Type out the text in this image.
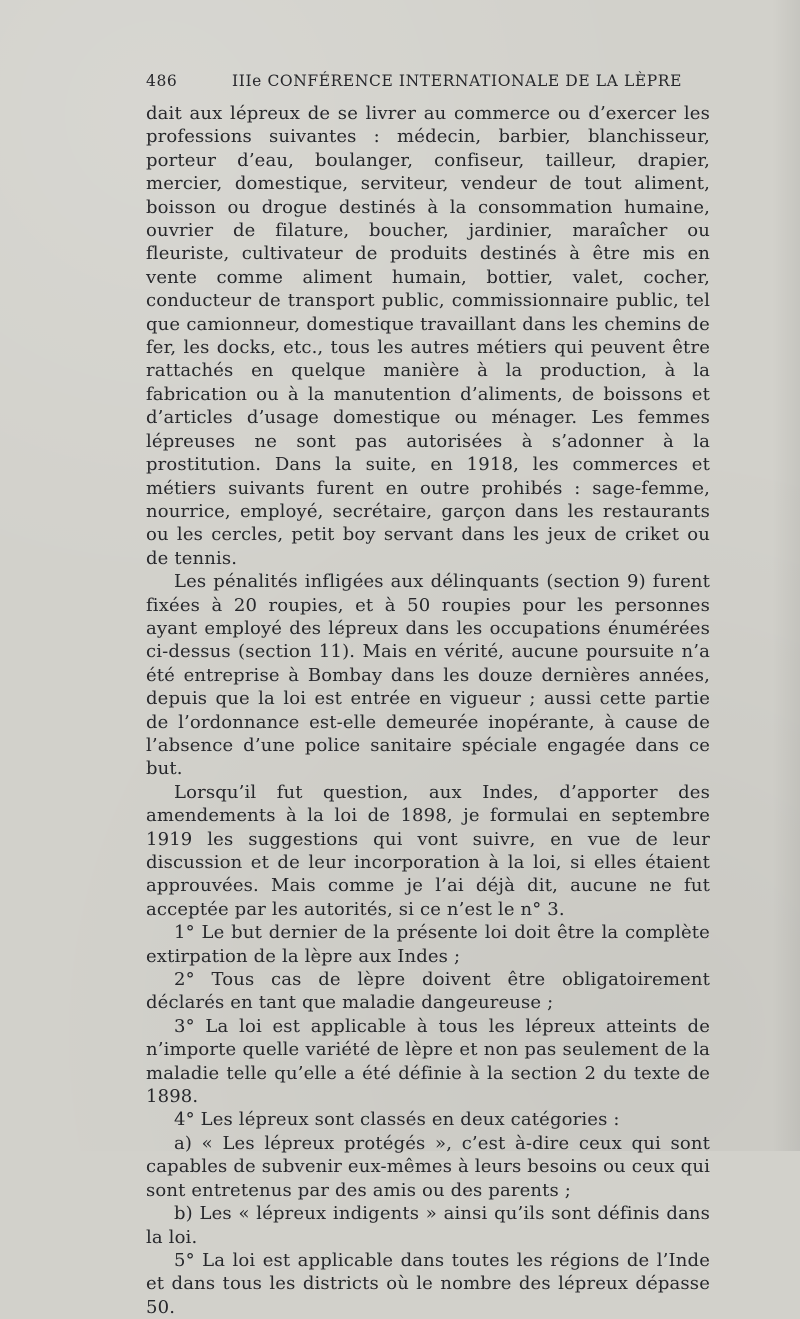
486	IIIe CONFÉRENCE INTERNATIONALE DE LA LÈPRE

dait aux lépreux de se livrer au commerce ou d’exercer les professions suivantes : médecin, barbier, blanchisseur, porteur d’eau, boulanger, confiseur, tailleur, drapier, mercier, domestique, serviteur, vendeur de tout aliment, boisson ou drogue destinés à la consommation humaine, ouvrier de filature, boucher, jardinier, maraîcher ou fleuriste, cultivateur de produits destinés à être mis en vente comme aliment humain, bottier, valet, cocher, conducteur de transport public, commissionnaire public, tel que camionneur, domestique travaillant dans les chemins de fer, les docks, etc., tous les autres métiers qui peuvent être rattachés en quelque manière à la production, à la fabrication ou à la manutention d’aliments, de boissons et d’articles d’usage domestique ou ménager. Les femmes lépreuses ne sont pas autorisées à s’adonner à la prostitution. Dans la suite, en 1918, les commerces et métiers suivants furent en outre prohibés : sage-femme, nourrice, employé, secrétaire, garçon dans les restaurants ou les cercles, petit boy servant dans les jeux de criket ou de tennis.

Les pénalités infligées aux délinquants (section 9) furent fixées à 20 roupies, et à 50 roupies pour les personnes ayant employé des lépreux dans les occupations énumérées ci-dessus (section 11). Mais en vérité, aucune poursuite n’a été entreprise à Bombay dans les douze dernières années, depuis que la loi est entrée en vigueur ; aussi cette partie de l’ordonnance est-elle demeurée inopérante, à cause de l’absence d’une police sanitaire spéciale engagée dans ce but.

Lorsqu’il fut question, aux Indes, d’apporter des amendements à la loi de 1898, je formulai en septembre 1919 les suggestions qui vont suivre, en vue de leur discussion et de leur incorporation à la loi, si elles étaient approuvées. Mais comme je l’ai déjà dit, aucune ne fut acceptée par les autorités, si ce n’est le n° 3.

1° Le but dernier de la présente loi doit être la complète extirpation de la lèpre aux Indes ;

2° Tous cas de lèpre doivent être obligatoirement déclarés en tant que maladie dangeureuse ;

3° La loi est applicable à tous les lépreux atteints de n’importe quelle variété de lèpre et non pas seulement de la maladie telle qu’elle a été définie à la section 2 du texte de 1898.

4° Les lépreux sont classés en deux catégories :

a) « Les lépreux protégés », c’est à-dire ceux qui sont capables de subvenir eux-mêmes à leurs besoins ou ceux qui sont entretenus par des amis ou des parents ;

b) Les « lépreux indigents » ainsi qu’ils sont définis dans la loi.

5° La loi est applicable dans toutes les régions de l’Inde et dans tous les districts où le nombre des lépreux dépasse 50.
